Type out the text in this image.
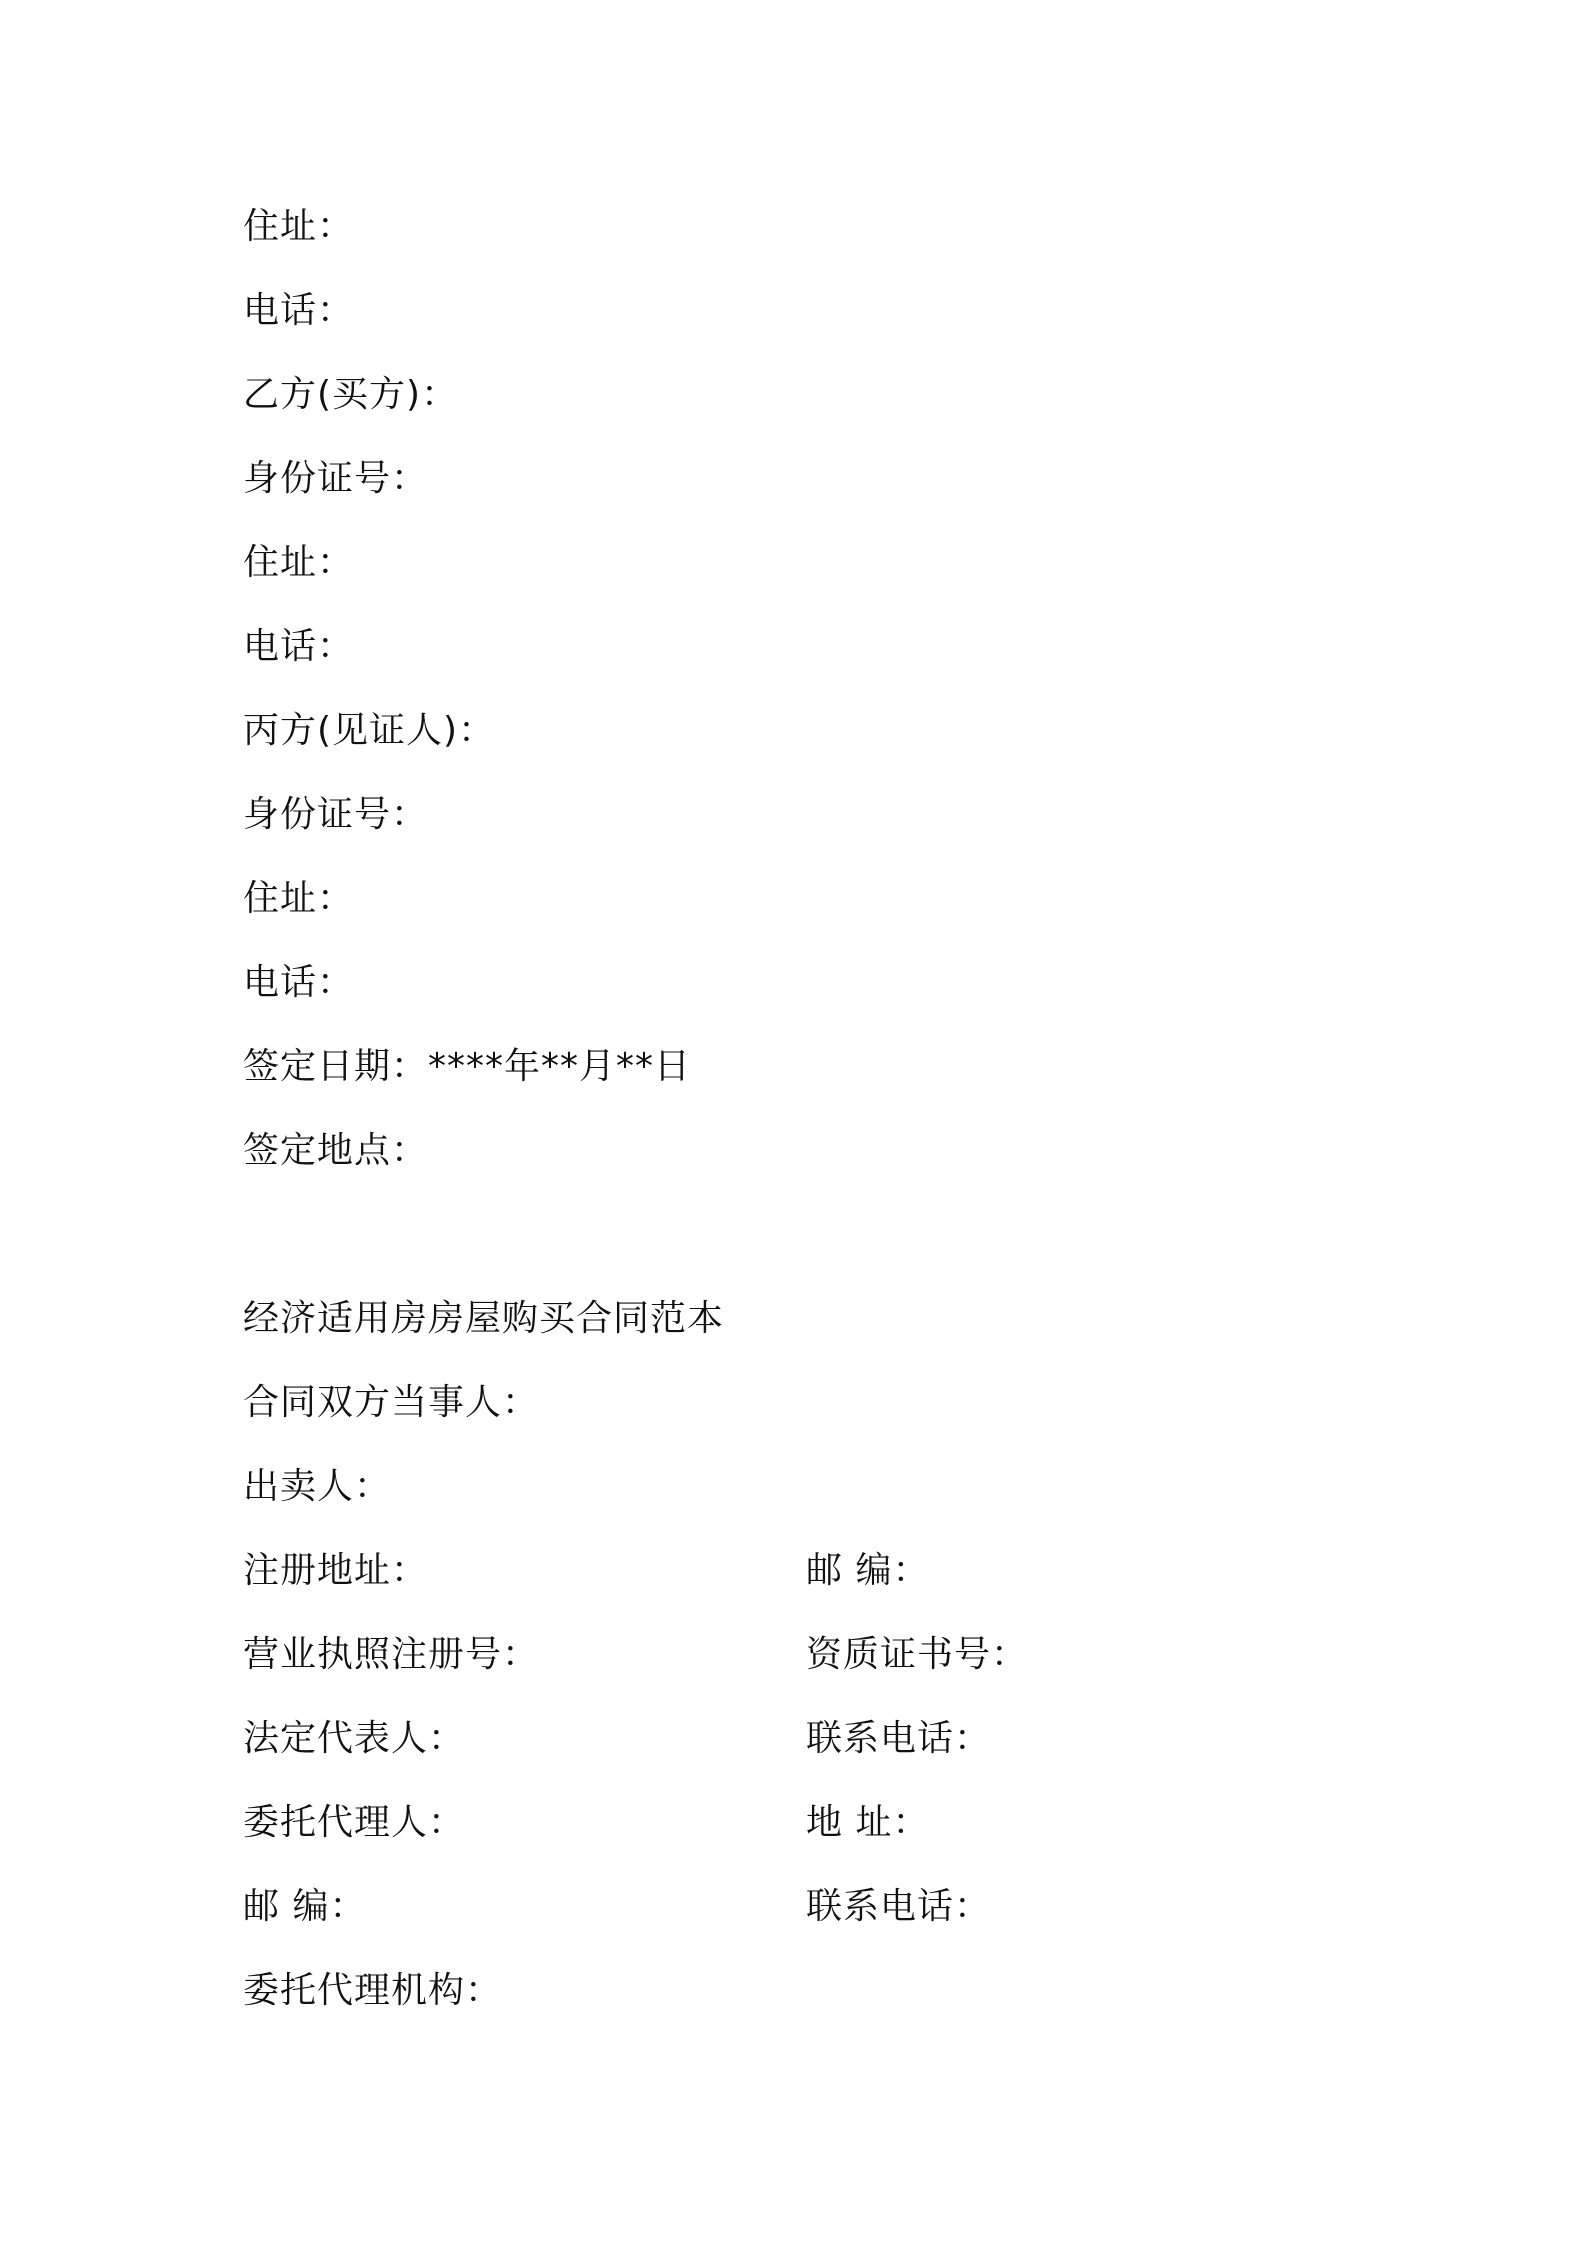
住址：
电话：
乙方(买方)：
身份证号：
住址：
电话：
丙方(见证人)：
身份证号：
住址：
电话：
签定日期：****年**月**日
签定地点：
经济适用房房屋购买合同范本
合同双方当事人：
出卖人：
注册地址：	邮 编：
营业执照注册号：	资质证书号：
法定代表人：	联系电话：
委托代理人：	地 址：
邮 编：	联系电话：
委托代理机构：
